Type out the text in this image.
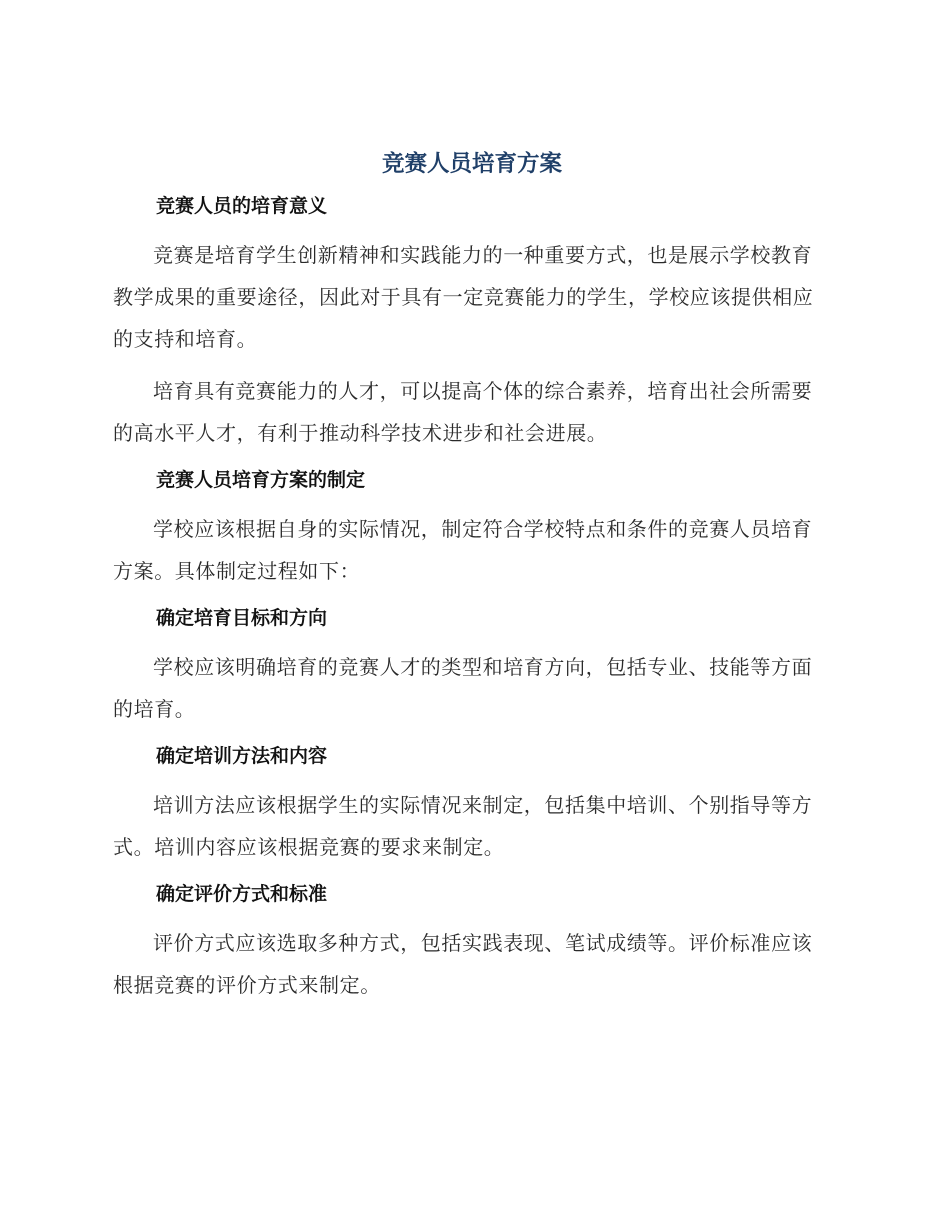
竞赛人员培育方案
竞赛人员的培育意义

竞赛是培育学生创新精神和实践能力的一种重要方式，也是展示学校教育教学成果的重要途径，因此对于具有一定竞赛能力的学生，学校应该提供相应的支持和培育。

培育具有竞赛能力的人才，可以提高个体的综合素养，培育出社会所需要的高水平人才，有利于推动科学技术进步和社会进展。

竞赛人员培育方案的制定

学校应该根据自身的实际情况，制定符合学校特点和条件的竞赛人员培育方案。具体制定过程如下：

确定培育目标和方向

学校应该明确培育的竞赛人才的类型和培育方向，包括专业、技能等方面的培育。

确定培训方法和内容

培训方法应该根据学生的实际情况来制定，包括集中培训、个别指导等方式。培训内容应该根据竞赛的要求来制定。

确定评价方式和标准

评价方式应该选取多种方式，包括实践表现、笔试成绩等。评价标准应该根据竞赛的评价方式来制定。
